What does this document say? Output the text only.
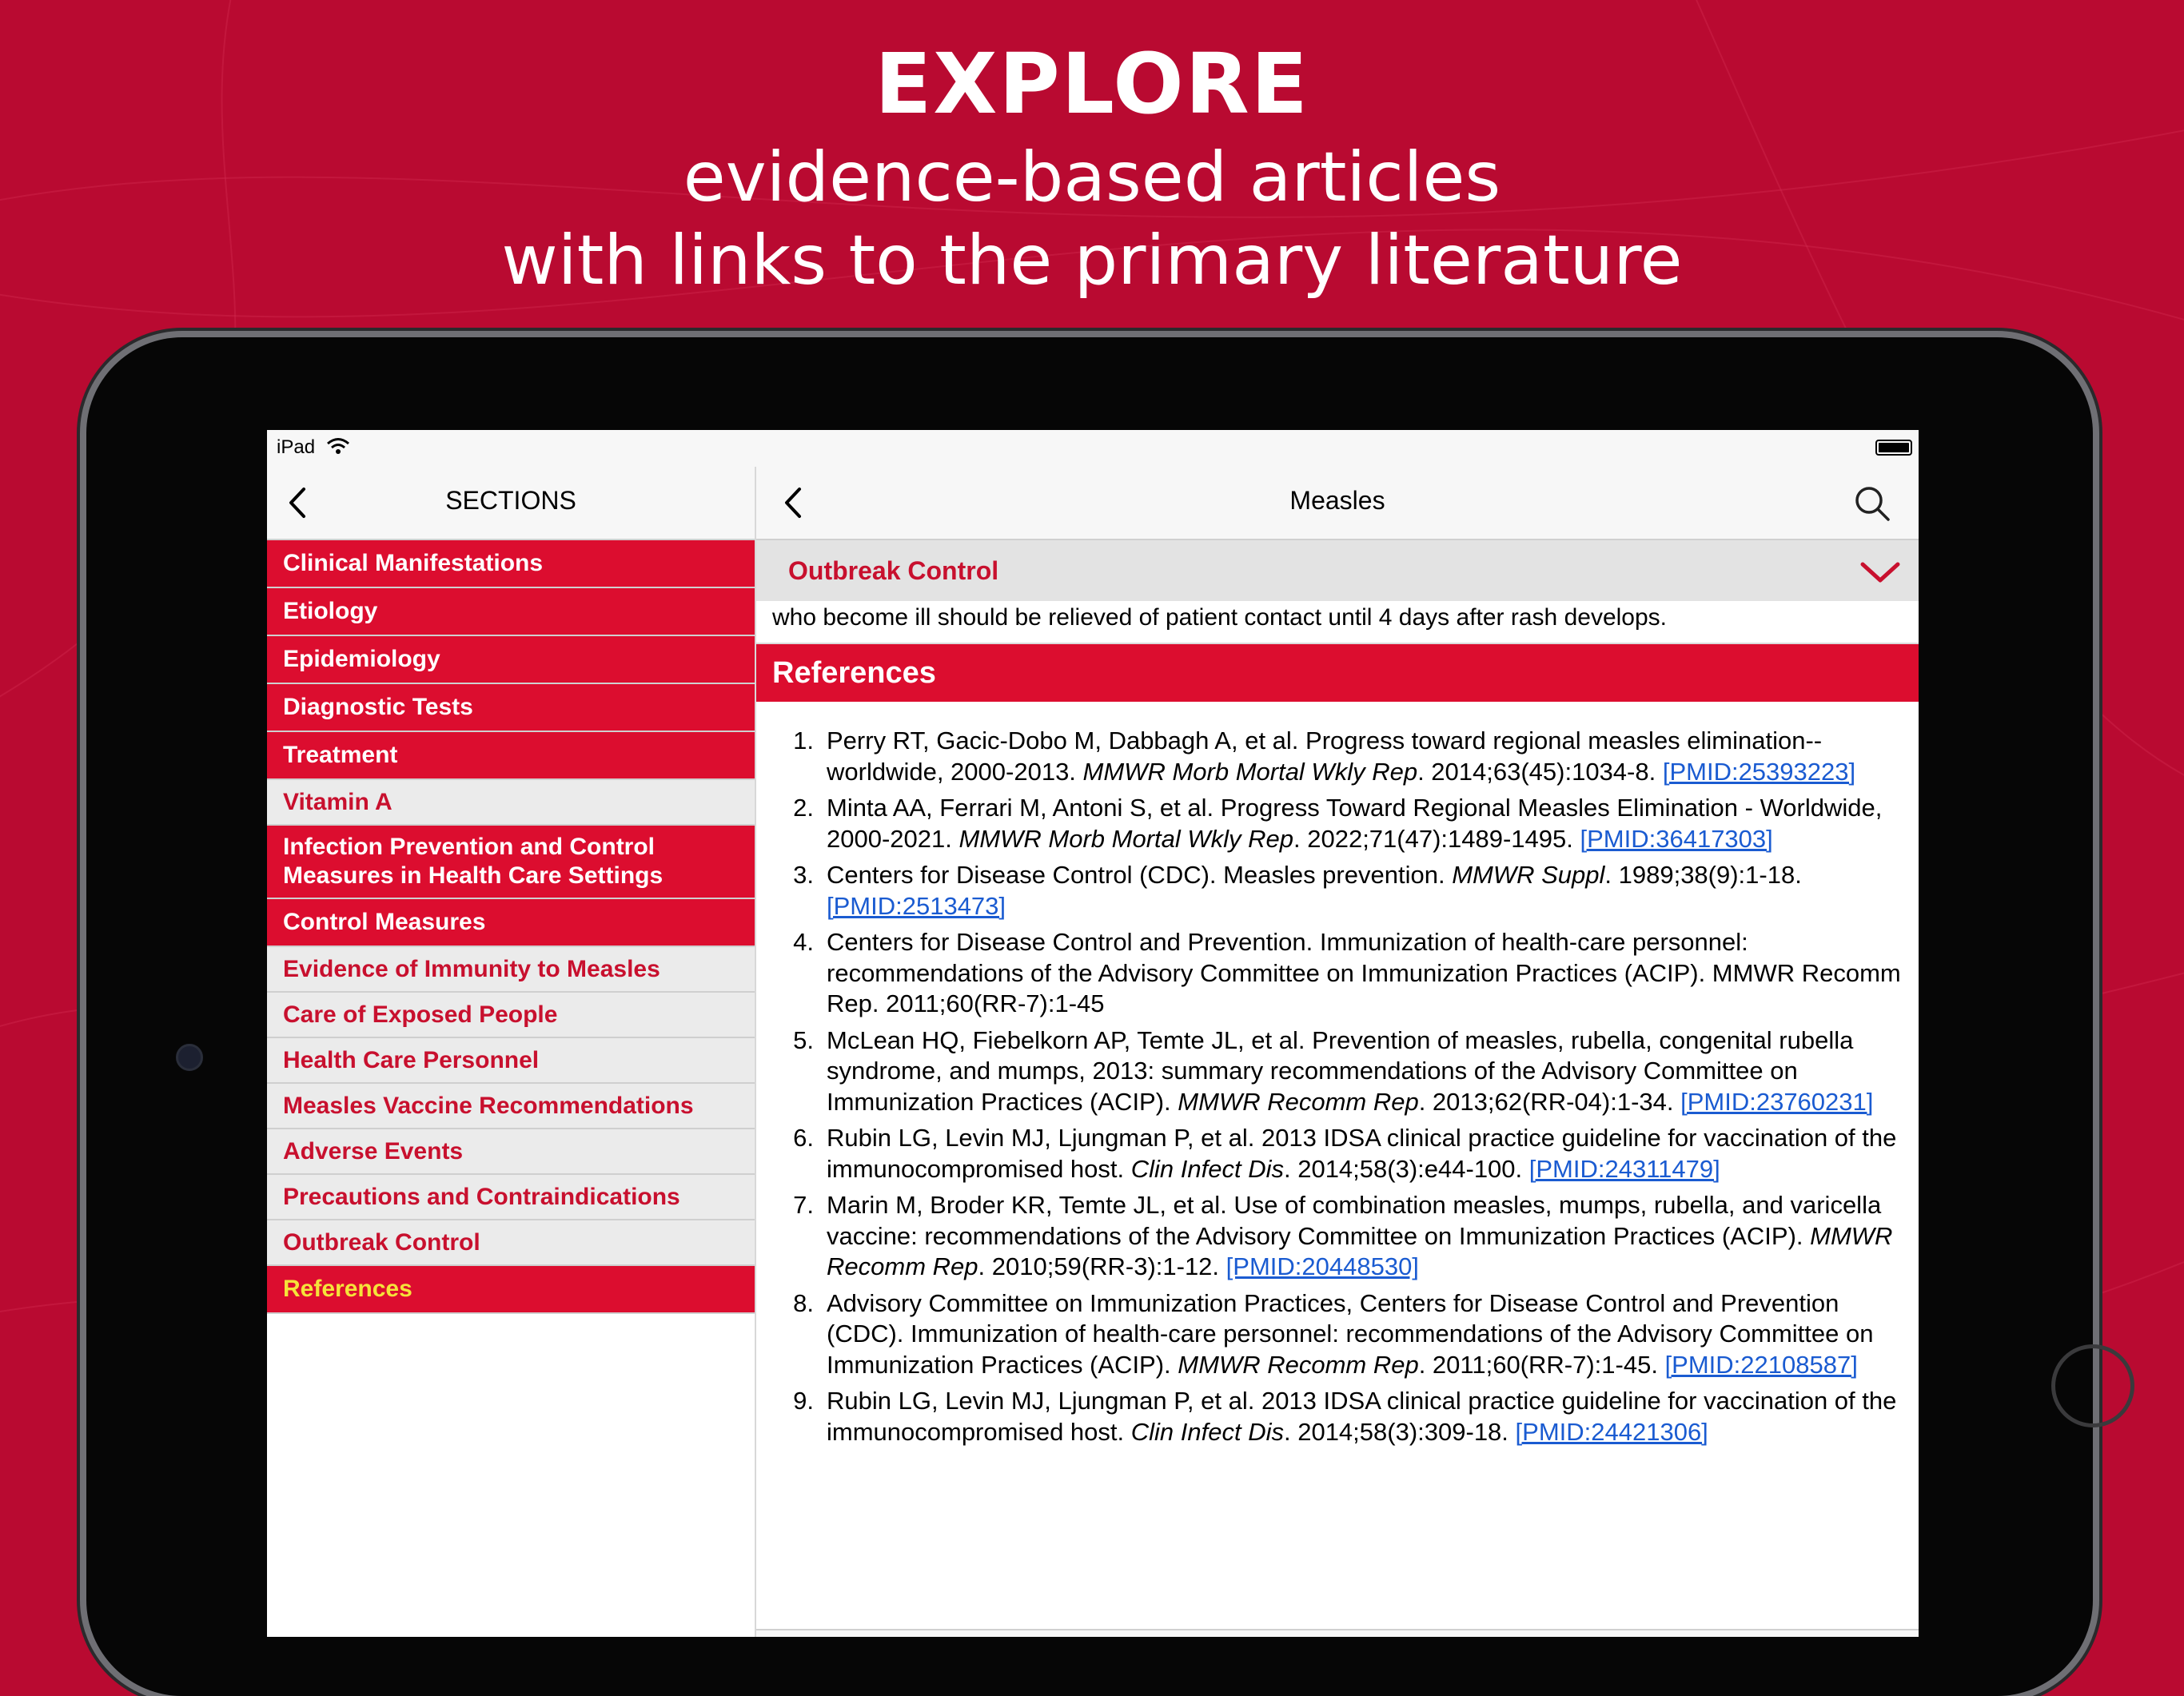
EXPLORE
evidence-based articles
with links to the primary literature
iPad
SECTIONS
Clinical Manifestations
Etiology
Epidemiology
Diagnostic Tests
Treatment
Vitamin A
Infection Prevention and Control Measures in Health Care Settings
Control Measures
Evidence of Immunity to Measles
Care of Exposed People
Health Care Personnel
Measles Vaccine Recommendations
Adverse Events
Precautions and Contraindications
Outbreak Control
References
Measles
Outbreak Control
who become ill should be relieved of patient contact until 4 days after rash develops.
References
1. Perry RT, Gacic-Dobo M, Dabbagh A, et al. Progress toward regional measles elimination--worldwide, 2000-2013. MMWR Morb Mortal Wkly Rep. 2014;63(45):1034-8. [PMID:25393223]
2. Minta AA, Ferrari M, Antoni S, et al. Progress Toward Regional Measles Elimination - Worldwide, 2000-2021. MMWR Morb Mortal Wkly Rep. 2022;71(47):1489-1495. [PMID:36417303]
3. Centers for Disease Control (CDC). Measles prevention. MMWR Suppl. 1989;38(9):1-18. [PMID:2513473]
4. Centers for Disease Control and Prevention. Immunization of health-care personnel: recommendations of the Advisory Committee on Immunization Practices (ACIP). MMWR Recomm Rep. 2011;60(RR-7):1-45
5. McLean HQ, Fiebelkorn AP, Temte JL, et al. Prevention of measles, rubella, congenital rubella syndrome, and mumps, 2013: summary recommendations of the Advisory Committee on Immunization Practices (ACIP). MMWR Recomm Rep. 2013;62(RR-04):1-34. [PMID:23760231]
6. Rubin LG, Levin MJ, Ljungman P, et al. 2013 IDSA clinical practice guideline for vaccination of the immunocompromised host. Clin Infect Dis. 2014;58(3):e44-100. [PMID:24311479]
7. Marin M, Broder KR, Temte JL, et al. Use of combination measles, mumps, rubella, and varicella vaccine: recommendations of the Advisory Committee on Immunization Practices (ACIP). MMWR Recomm Rep. 2010;59(RR-3):1-12. [PMID:20448530]
8. Advisory Committee on Immunization Practices, Centers for Disease Control and Prevention (CDC). Immunization of health-care personnel: recommendations of the Advisory Committee on Immunization Practices (ACIP). MMWR Recomm Rep. 2011;60(RR-7):1-45. [PMID:22108587]
9. Rubin LG, Levin MJ, Ljungman P, et al. 2013 IDSA clinical practice guideline for vaccination of the immunocompromised host. Clin Infect Dis. 2014;58(3):309-18. [PMID:24421306]
